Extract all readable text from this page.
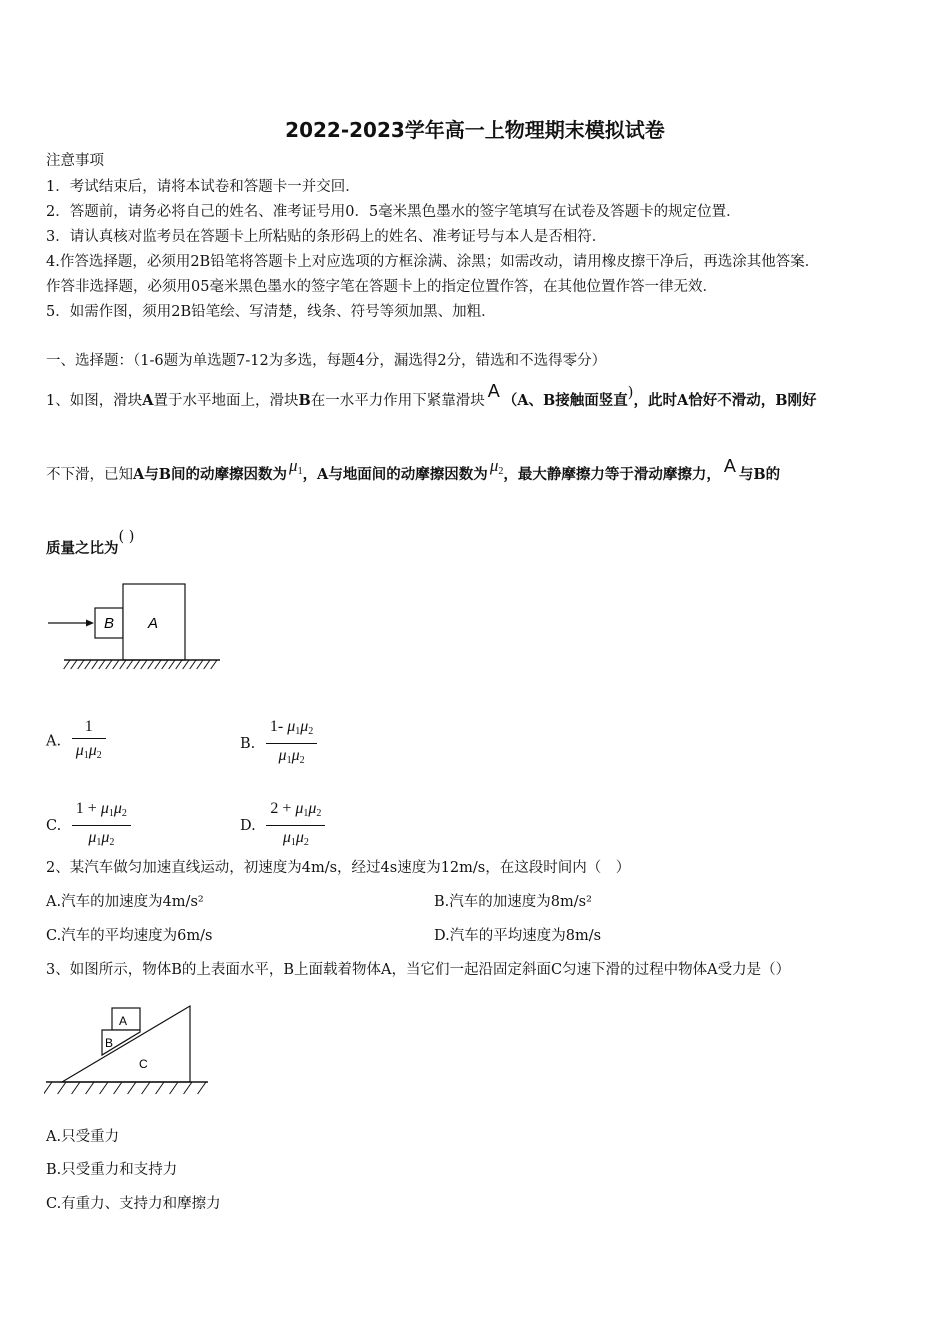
2022-2023学年高一上物理期末模拟试卷
注意事项
1．考试结束后，请将本试卷和答题卡一并交回．
2．答题前，请务必将自己的姓名、准考证号用0．5毫米黑色墨水的签字笔填写在试卷及答题卡的规定位置．
3．请认真核对监考员在答题卡上所粘贴的条形码上的姓名、准考证号与本人是否相符．
4.作答选择题，必须用2B铅笔将答题卡上对应选项的方框涂满、涂黑；如需改动，请用橡皮擦干净后，再选涂其他答案．
作答非选择题，必须用05毫米黑色墨水的签字笔在答题卡上的指定位置作答，在其他位置作答一律无效．
5．如需作图，须用2B铅笔绘、写清楚，线条、符号等须加黑、加粗．
一、选择题：（1-6题为单选题7-12为多选，每题4分，漏选得2分，错选和不选得零分）
1、如图，滑块A置于水平地面上，滑块B在一水平力作用下紧靠滑块 A （A、B接触面竖直)，此时A恰好不滑动，B刚好
不下滑，已知A与B间的动摩擦因数为 $\mu_1$，A与地面间的动摩擦因数为 $\mu_2$，最大静摩擦力等于滑动摩擦力， A 与B的
质量之比为( )
B A
A. $\frac{1}{\mu_1\mu_2}$	B. $\frac{1- \mu_1\mu_2}{\mu_1\mu_2}$
C. $\frac{1 + \mu_1\mu_2}{\mu_1\mu_2}$	D. $\frac{2 + \mu_1\mu_2}{\mu_1\mu_2}$
2、某汽车做匀加速直线运动，初速度为4m/s，经过4s速度为12m/s，在这段时间内（　）
A.汽车的加速度为4m/s²	B.汽车的加速度为8m/s²
C.汽车的平均速度为6m/s	D.汽车的平均速度为8m/s
3、如图所示，物体B的上表面水平，B上面载着物体A，当它们一起沿固定斜面C匀速下滑的过程中物体A受力是（）
A
B
C
A.只受重力
B.只受重力和支持力
C.有重力、支持力和摩擦力
